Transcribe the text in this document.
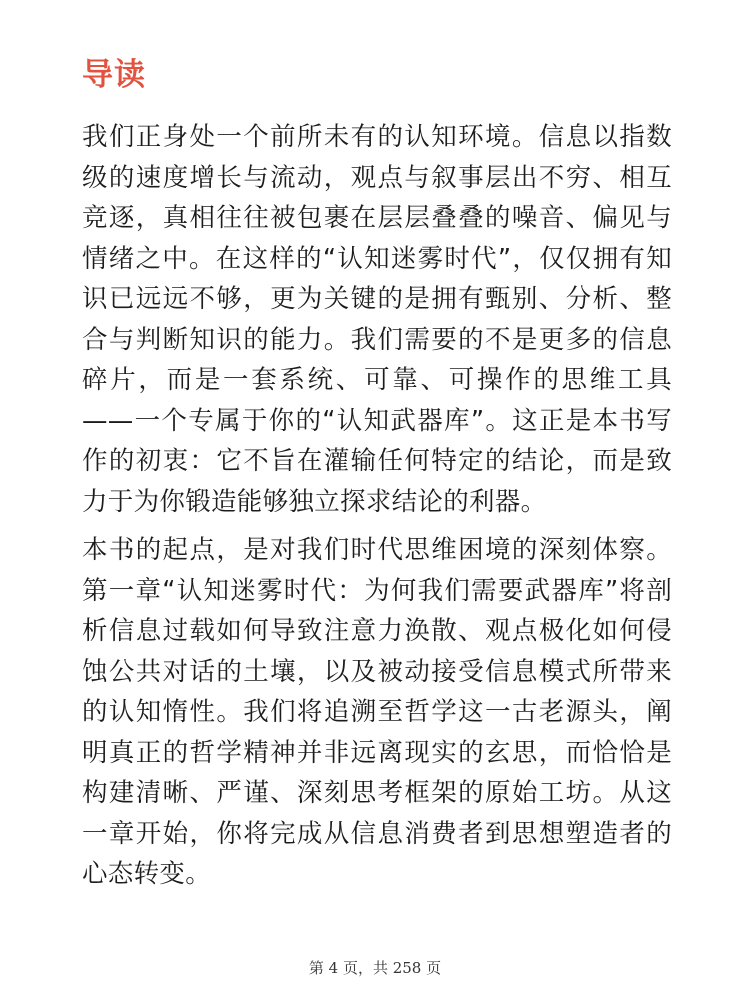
导读

我们正身处一个前所未有的认知环境。信息以指数级的速度增长与流动，观点与叙事层出不穷、相互竞逐，真相往往被包裹在层层叠叠的噪音、偏见与情绪之中。在这样的“认知迷雾时代”，仅仅拥有知识已远远不够，更为关键的是拥有甄别、分析、整合与判断知识的能力。我们需要的不是更多的信息碎片，而是一套系统、可靠、可操作的思维工具——一个专属于你的“认知武器库”。这正是本书写作的初衷：它不旨在灌输任何特定的结论，而是致力于为你锻造能够独立探求结论的利器。

本书的起点，是对我们时代思维困境的深刻体察。第一章“认知迷雾时代：为何我们需要武器库”将剖析信息过载如何导致注意力涣散、观点极化如何侵蚀公共对话的土壤，以及被动接受信息模式所带来的认知惰性。我们将追溯至哲学这一古老源头，阐明真正的哲学精神并非远离现实的玄思，而恰恰是构建清晰、严谨、深刻思考框架的原始工坊。从这一章开始，你将完成从信息消费者到思想塑造者的心态转变。

第 4 页，共 258 页
